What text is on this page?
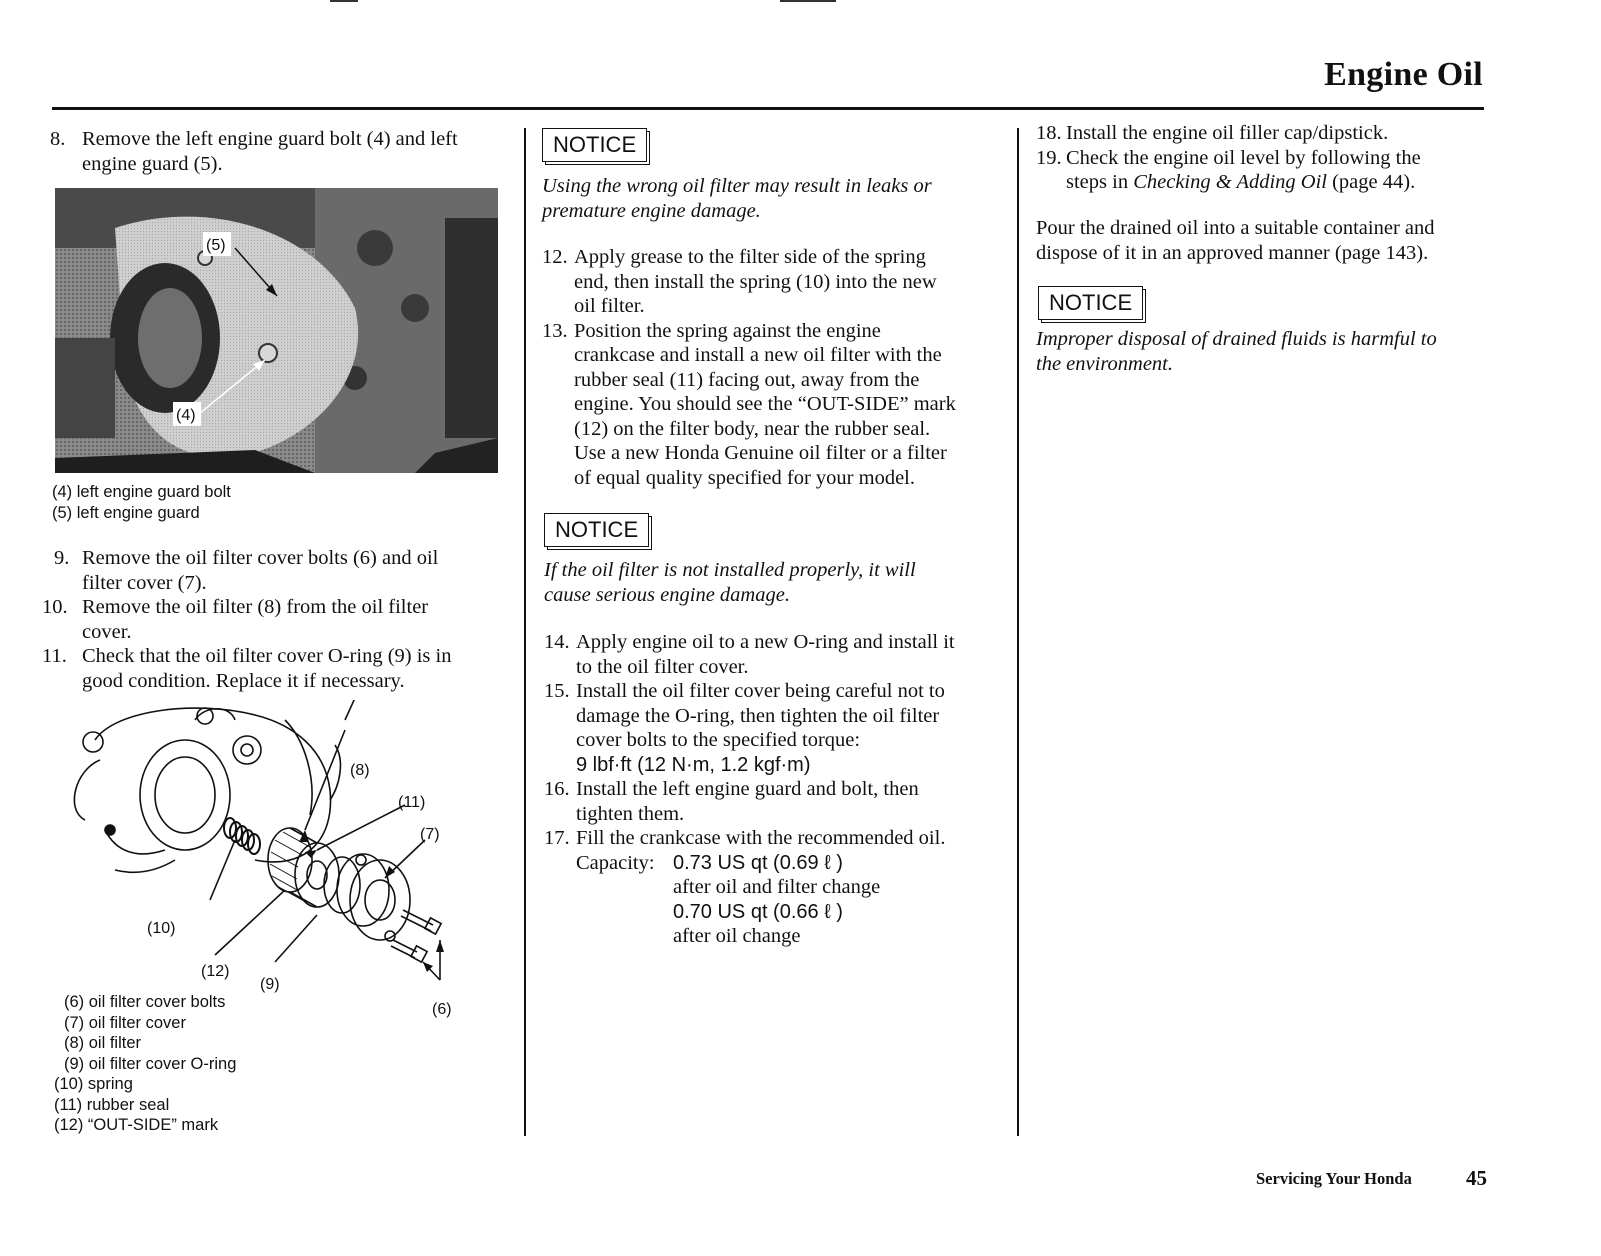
Engine Oil
8. Remove the left engine guard bolt (4) and left
engine guard (5).
(5)
(4)
(4) left engine guard bolt
(5) left engine guard
9. Remove the oil filter cover bolts (6) and oil
filter cover (7).
10. Remove the oil filter (8) from the oil filter
cover.
11. Check that the oil filter cover O-ring (9) is in
good condition. Replace it if necessary.
(8)
(11)
(7)
(10)
(12)
(9)
(6)
(6) oil filter cover bolts
(7) oil filter cover
(8) oil filter
(9) oil filter cover O-ring
(10) spring
(11) rubber seal
(12) “OUT-SIDE” mark
NOTICE
Using the wrong oil filter may result in leaks or
premature engine damage.
12. Apply grease to the filter side of the spring
end, then install the spring (10) into the new
oil filter.
13. Position the spring against the engine
crankcase and install a new oil filter with the
rubber seal (11) facing out, away from the
engine. You should see the “OUT-SIDE” mark
(12) on the filter body, near the rubber seal.
Use a new Honda Genuine oil filter or a filter
of equal quality specified for your model.
NOTICE
If the oil filter is not installed properly, it will
cause serious engine damage.
14. Apply engine oil to a new O-ring and install it
to the oil filter cover.
15. Install the oil filter cover being careful not to
damage the O-ring, then tighten the oil filter
cover bolts to the specified torque:
9 lbf·ft (12 N·m, 1.2 kgf·m)
16. Install the left engine guard and bolt, then
tighten them.
17. Fill the crankcase with the recommended oil.
Capacity: 0.73 US qt (0.69 ℓ )
after oil and filter change
0.70 US qt (0.66 ℓ )
after oil change
18. Install the engine oil filler cap/dipstick.
19. Check the engine oil level by following the
steps in Checking & Adding Oil (page 44).
Pour the drained oil into a suitable container and
dispose of it in an approved manner (page 143).
NOTICE
Improper disposal of drained fluids is harmful to
the environment.
Servicing Your Honda	45
